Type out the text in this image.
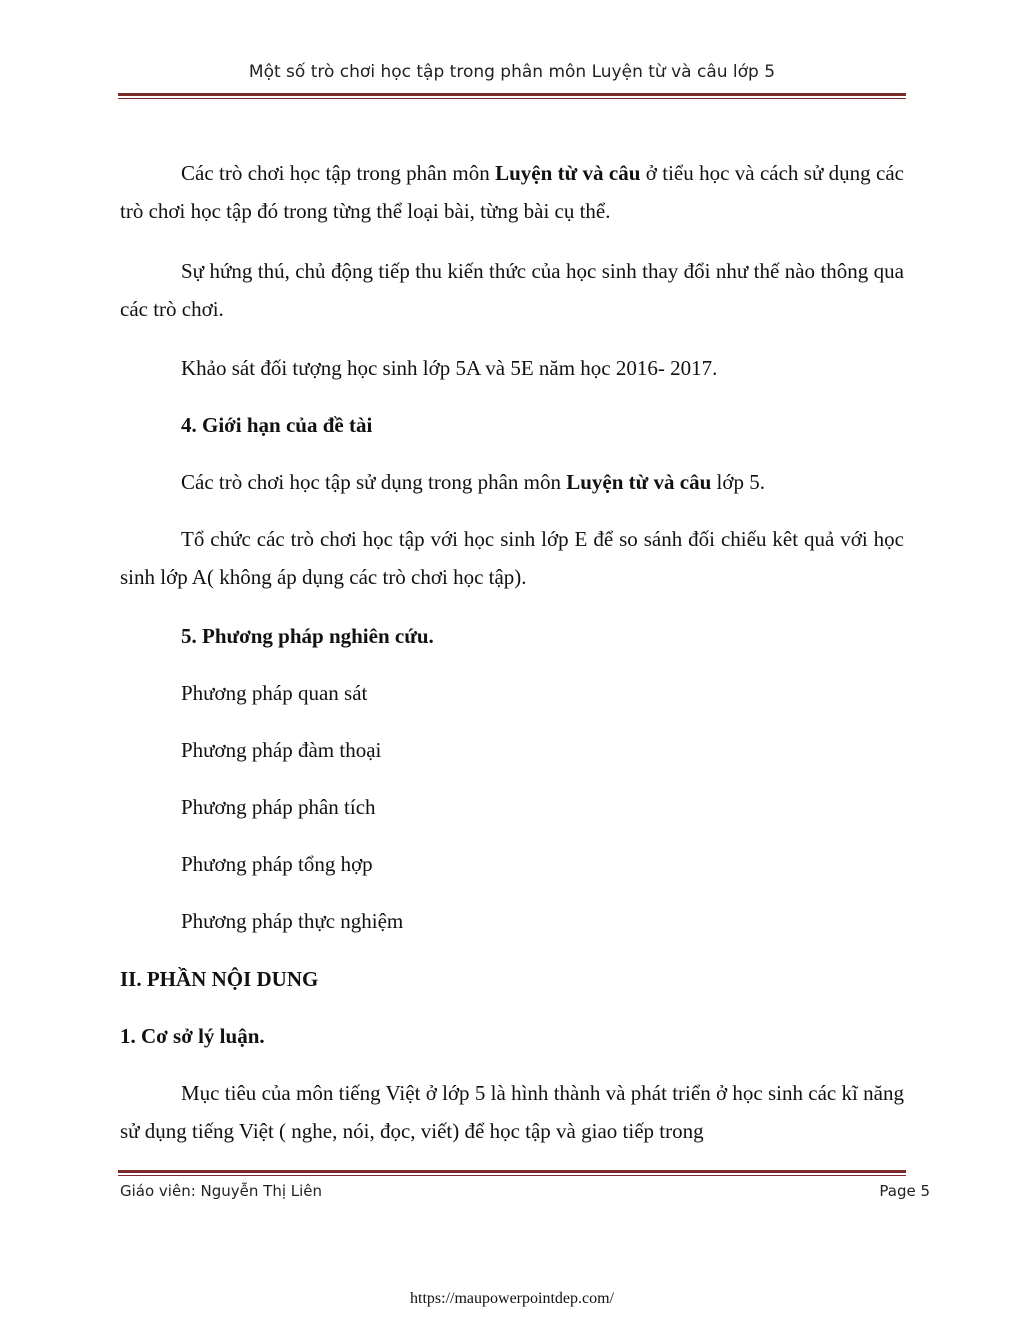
Một số trò chơi học tập trong phân môn Luyện từ và câu lớp 5

Các trò chơi học tập trong phân môn Luyện từ và câu ở tiểu học và cách sử dụng các trò chơi học tập đó trong từng thể loại bài, từng bài cụ thể.

Sự hứng thú, chủ động tiếp thu kiến thức của học sinh thay đổi như thế nào thông qua các trò chơi.

Khảo sát đối tượng học sinh lớp 5A và 5E năm học 2016- 2017.

4. Giới hạn của đề tài

Các trò chơi học tập sử dụng trong phân môn Luyện từ và câu lớp 5.

Tổ chức các trò chơi học tập với học sinh lớp E để so sánh đối chiếu kêt quả với học sinh lớp A( không áp dụng các trò chơi học tập).

5. Phương pháp nghiên cứu.

Phương pháp quan sát

Phương pháp đàm thoại

Phương pháp phân tích

Phương pháp tổng hợp

Phương pháp thực nghiệm

II. PHẦN NỘI DUNG

1. Cơ sở lý luận.

Mục tiêu của môn tiếng Việt ở lớp 5 là hình thành và phát triển ở học sinh các kĩ năng sử dụng tiếng Việt ( nghe, nói, đọc, viết) để học tập và giao tiếp trong

Giáo viên: Nguyễn Thị Liên	Page 5
https://maupowerpointdep.com/
